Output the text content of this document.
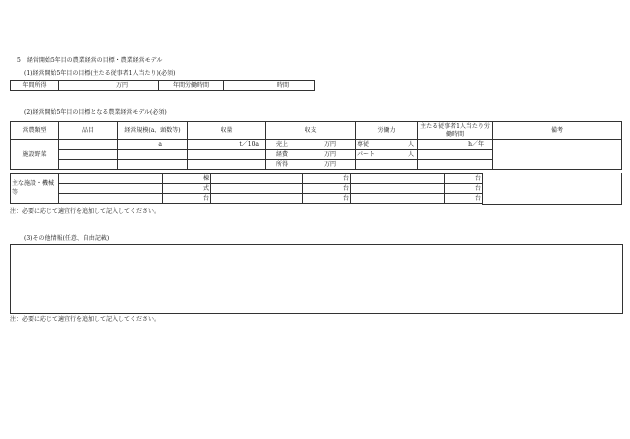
5　経営開始5年目の農業経営の目標・農業経営モデル
(1)経営開始5年目の目標(主たる従事者1人当たり)(必須)
年間所得	万円	年間労働時間	時間
(2)経営開始5年目の目標となる農業経営モデル(必須)
営農類型	品目	経営規模(a、頭数等)	収量	収支	労働力	主たる従事者1人当たり労働時間	備考
施設野菜		a	t／10a	売上 万円	専従 人	h／年	
				経費 万円	パート 人		

				所得 万円			

主な施設・機械等		棟		台		台
		式		台		台
		台		台		台
注：必要に応じて適宜行を追加して記入してください。
(3)その他情報(任意、自由記載)
注：必要に応じて適宜行を追加して記入してください。
